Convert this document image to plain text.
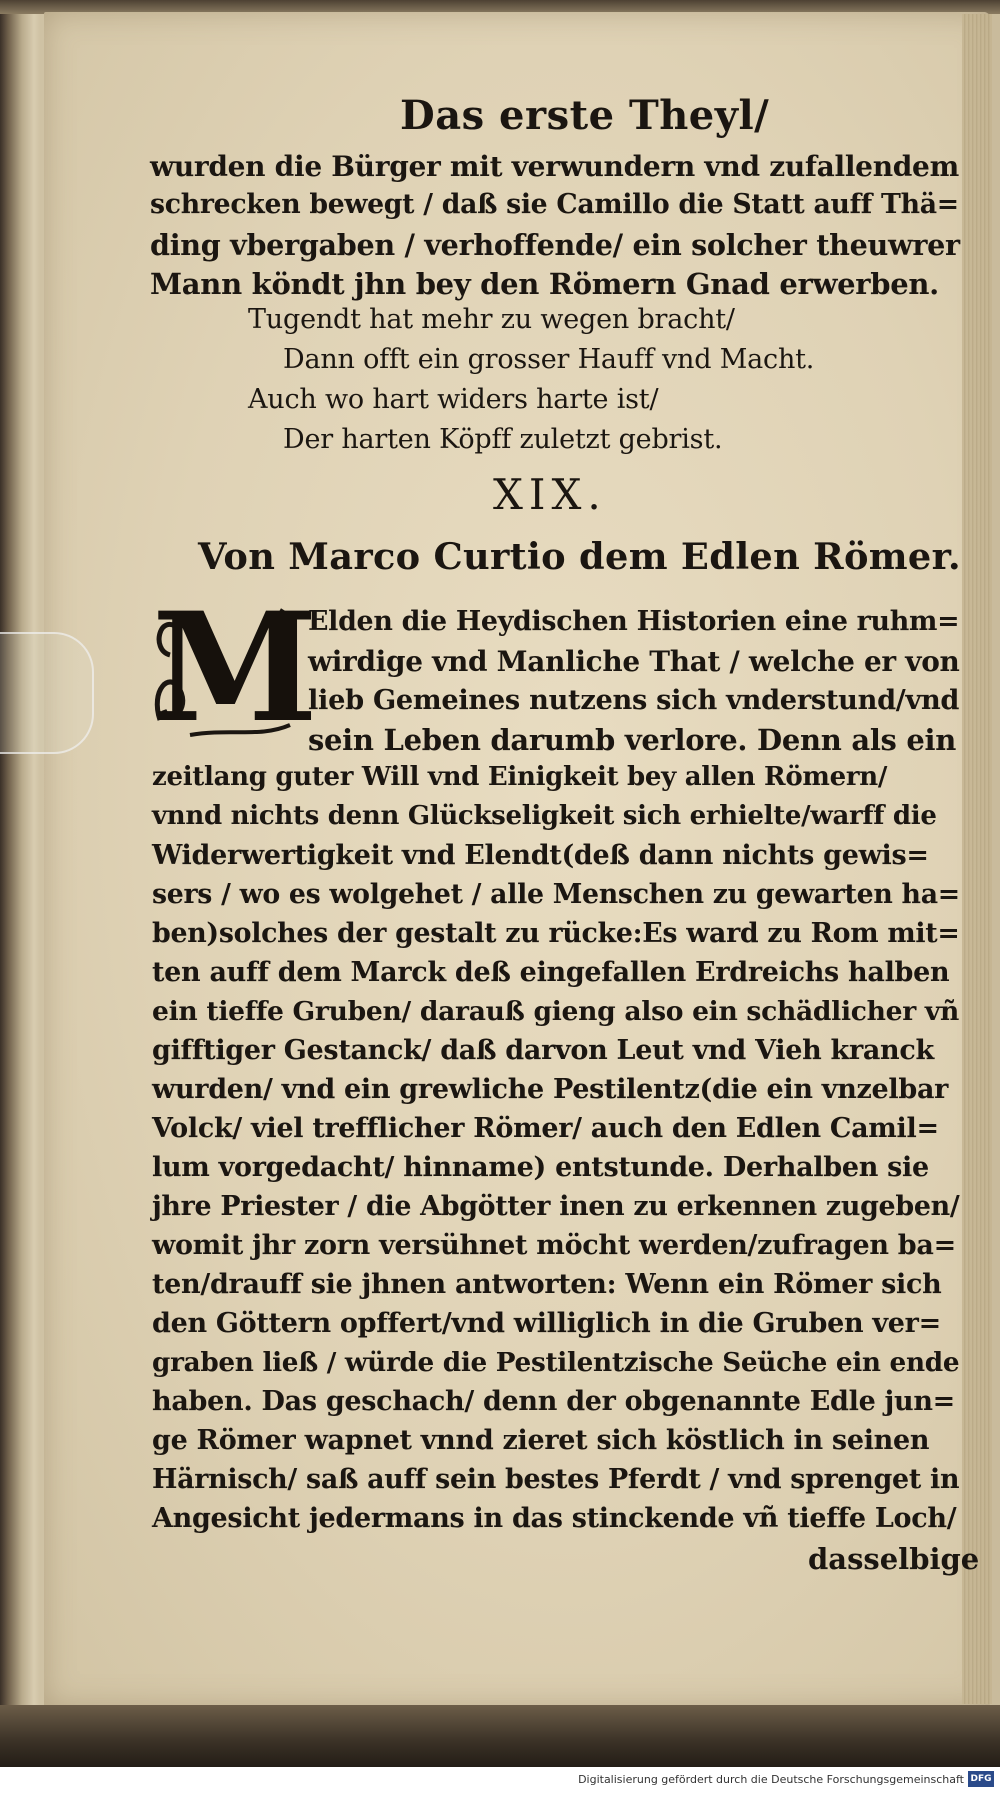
Das erste Theyl/
wurden die Bürger mit verwundern vnd zufallendem
schrecken bewegt / daß sie Camillo die Statt auff Thä=
ding vbergaben / verhoffende/ ein solcher theuwrer
Mann köndt jhn bey den Römern Gnad erwerben.
Tugendt hat mehr zu wegen bracht/
Dann offt ein grosser Hauff vnd Macht.
Auch wo hart widers harte ist/
Der harten Köpff zuletzt gebrist.
XIX.
Von Marco Curtio dem Edlen Römer.
M
Elden die Heydischen Historien eine ruhm=
wirdige vnd Manliche That / welche er von
lieb Gemeines nutzens sich vnderstund/vnd
sein Leben darumb verlore. Denn als ein
zeitlang guter Will vnd Einigkeit bey allen Römern/
vnnd nichts denn Glückseligkeit sich erhielte/warff die
Widerwertigkeit vnd Elendt(deß dann nichts gewis=
sers / wo es wolgehet / alle Menschen zu gewarten ha=
ben)solches der gestalt zu rücke:Es ward zu Rom mit=
ten auff dem Marck deß eingefallen Erdreichs halben
ein tieffe Gruben/ darauß gieng also ein schädlicher vñ
gifftiger Gestanck/ daß darvon Leut vnd Vieh kranck
wurden/ vnd ein grewliche Pestilentz(die ein vnzelbar
Volck/ viel trefflicher Römer/ auch den Edlen Camil=
lum vorgedacht/ hinname) entstunde. Derhalben sie
jhre Priester / die Abgötter inen zu erkennen zugeben/
womit jhr zorn versühnet möcht werden/zufragen ba=
ten/drauff sie jhnen antworten: Wenn ein Römer sich
den Göttern opffert/vnd williglich in die Gruben ver=
graben ließ / würde die Pestilentzische Seüche ein ende
haben. Das geschach/ denn der obgenannte Edle jun=
ge Römer wapnet vnnd zieret sich köstlich in seinen
Härnisch/ saß auff sein bestes Pferdt / vnd sprenget in
Angesicht jedermans in das stinckende vñ tieffe Loch/
dasselbige
Digitalisierung gefördert durch die Deutsche Forschungsgemeinschaft DFG
